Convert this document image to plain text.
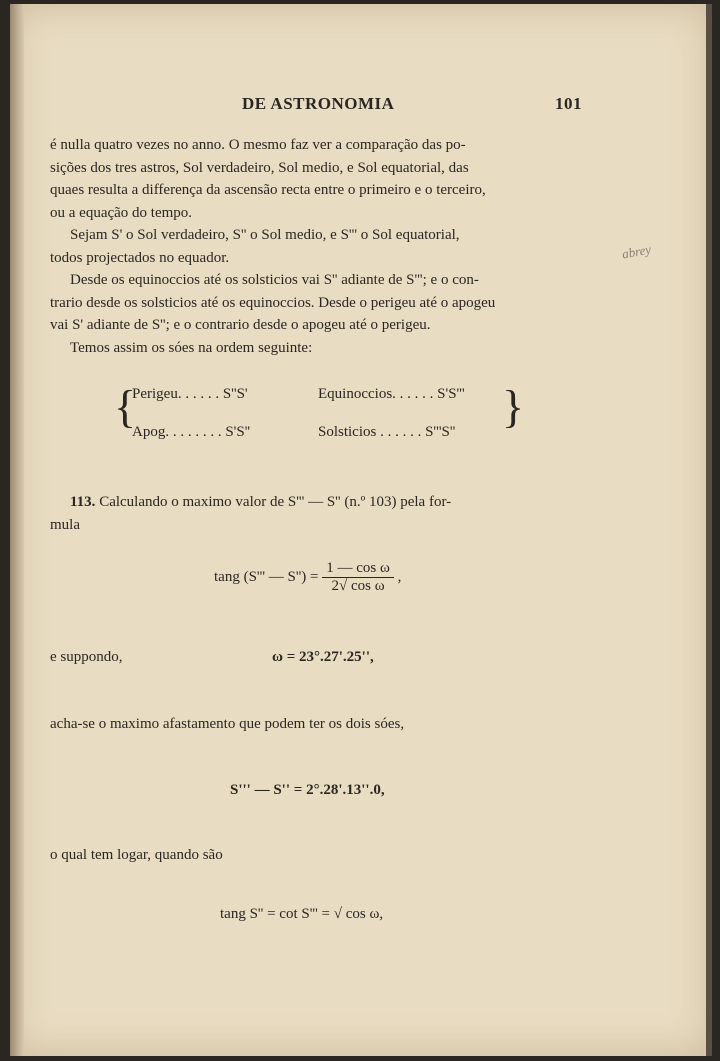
DE ASTRONOMIA	101
é nulla quatro vezes no anno. O mesmo faz ver a comparação das po-
sições dos tres astros, Sol verdadeiro, Sol medio, e Sol equatorial, das
quaes resulta a differença da ascensão recta entre o primeiro e o terceiro,
ou a equação do tempo.
Sejam S' o Sol verdadeiro, S'' o Sol medio, e S''' o Sol equatorial,
todos projectados no equador.
Desde os equinoccios até os solsticios vai S'' adiante de S'''; e o con-
trario desde os solsticios até os equinoccios. Desde o perigeu até o apogeu
vai S' adiante de S''; e o contrario desde o apogeu até o perigeu.
Temos assim os sóes na ordem seguinte:
{
Perigeu. . . . . . S''S'
Apog. . . . . . . . S'S''
Equinoccios. . . . . . S'S'''
Solsticios . . . . . . S'''S'' }
113. Calculando o maximo valor de S''' — S'' (n.º 103) pela for-
mula
tang (S''' — $S'') = \frac{\text{1 — cos ω}}{\text{2√ cos ω}}$ ,
e suppondo,	ω = 23°.27'.25'',
acha-se o maximo afastamento que podem ter os dois sóes,
S''' — S'' = 2°.28'.13''.0,
o qual tem logar, quando são
tang S'' = cot S''' = √ cos ω,
abrey
